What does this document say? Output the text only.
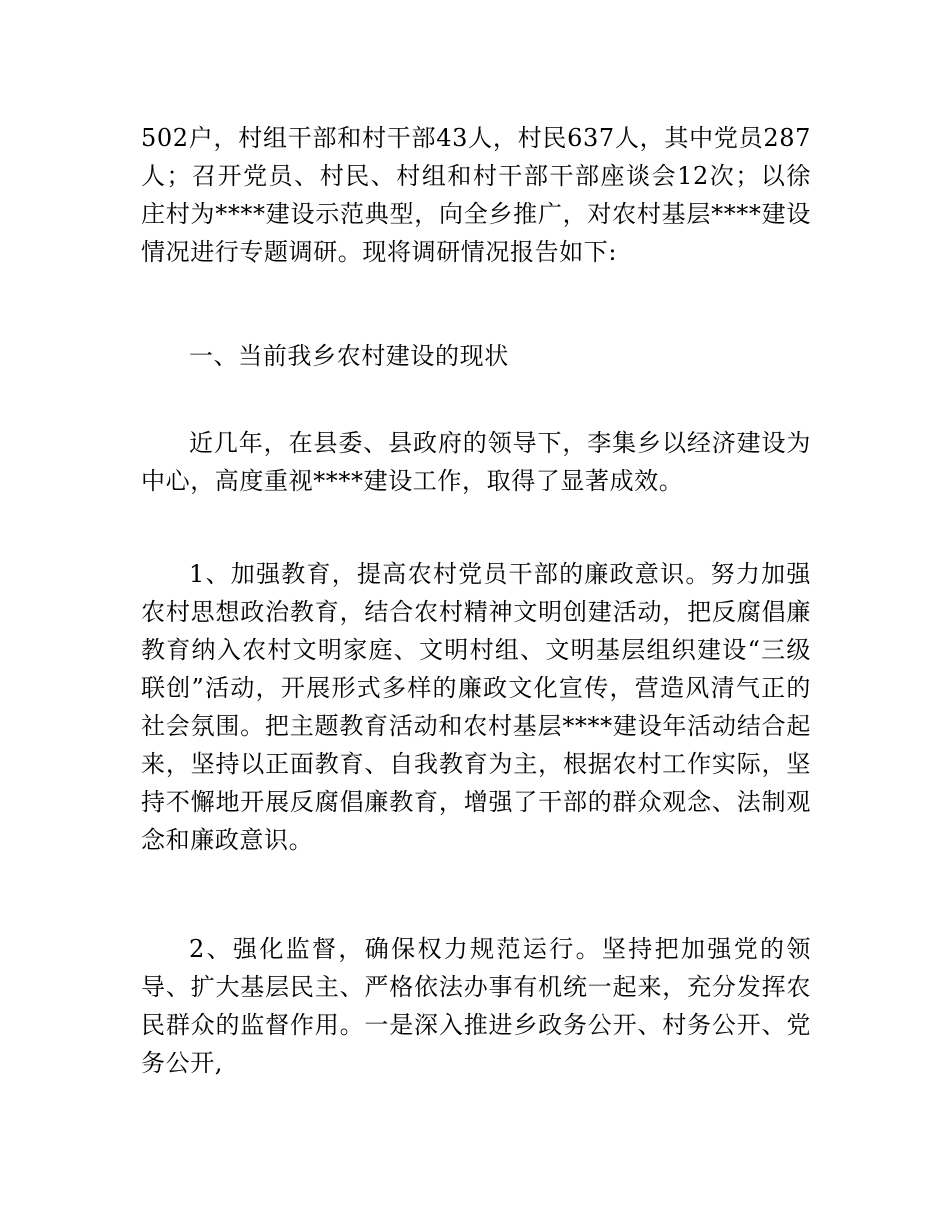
502户，村组干部和村干部43人，村民637人，其中党员287人；召开党员、村民、村组和村干部干部座谈会12次；以徐庄村为****建设示范典型，向全乡推广，对农村基层****建设情况进行专题调研。现将调研情况报告如下:

一、当前我乡农村建设的现状

近几年，在县委、县政府的领导下，李集乡以经济建设为中心，高度重视****建设工作，取得了显著成效。

1、加强教育，提高农村党员干部的廉政意识。努力加强农村思想政治教育，结合农村精神文明创建活动，把反腐倡廉教育纳入农村文明家庭、文明村组、文明基层组织建设“三级联创”活动，开展形式多样的廉政文化宣传，营造风清气正的社会氛围。把主题教育活动和农村基层****建设年活动结合起来，坚持以正面教育、自我教育为主，根据农村工作实际，坚持不懈地开展反腐倡廉教育，增强了干部的群众观念、法制观念和廉政意识。

2、强化监督，确保权力规范运行。坚持把加强党的领导、扩大基层民主、严格依法办事有机统一起来，充分发挥农民群众的监督作用。一是深入推进乡政务公开、村务公开、党务公开,
